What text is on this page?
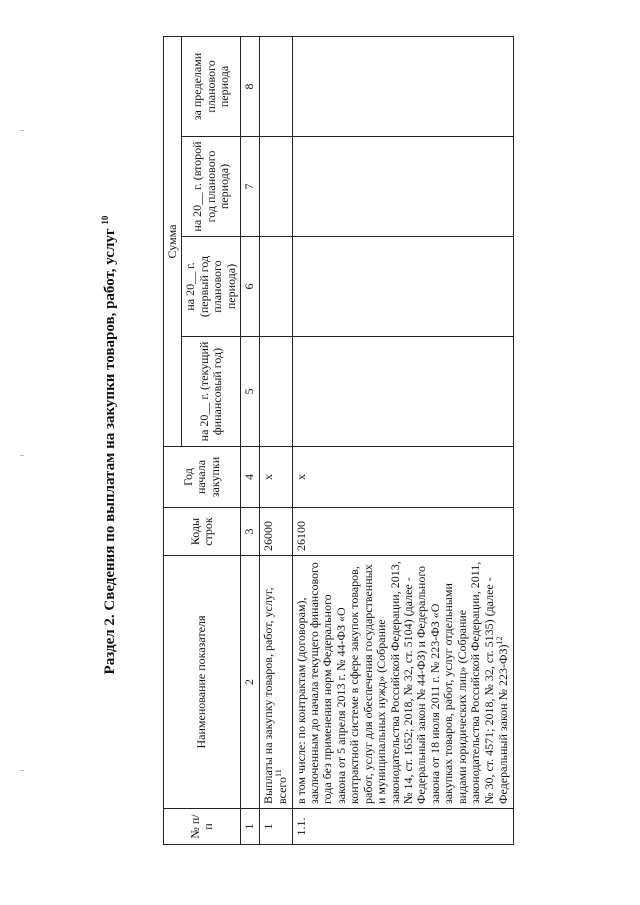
Раздел 2. Сведения по выплатам на закупки товаров, работ, услуг $^{10}$
№ п/п	Наименование показателя	Коды строк	Год начала закупки	Сумма			
				на 20__ г. (текущий финансовый год)	на 20__ г. (первый год планового периода)	на 20__ г. (второй год планового периода)	за пределами планового периода
1	2	3	4	5	6	7	8
1	Выплаты на закупку товаров, работ, услуг, всего$^{11}$	26000	x				
1.1.	в том числе: по контрактам (договорам), заключенным до начала текущего финансового года без применения норм Федерального закона от 5 апреля 2013 г. № 44-ФЗ «О контрактной системе в сфере закупок товаров, работ, услуг для обеспечения государственных и муниципальных нужд» (Собрание законодательства Российской Федерации, 2013, № 14, ст. 1652; 2018, № 32, ст. 5104) (далее - Федеральный закон № 44-ФЗ) и Федерального закона от 18 июля 2011 г. № 223-ФЗ «О закупках товаров, работ, услуг отдельными видами юридических лиц» (Собрание законодательства Российской Федерации, 2011, № 30, ст. 4571; 2018, № 32, ст. 5135) (далее - Федеральный закон № 223-ФЗ)$^{12}$	26100	x				
